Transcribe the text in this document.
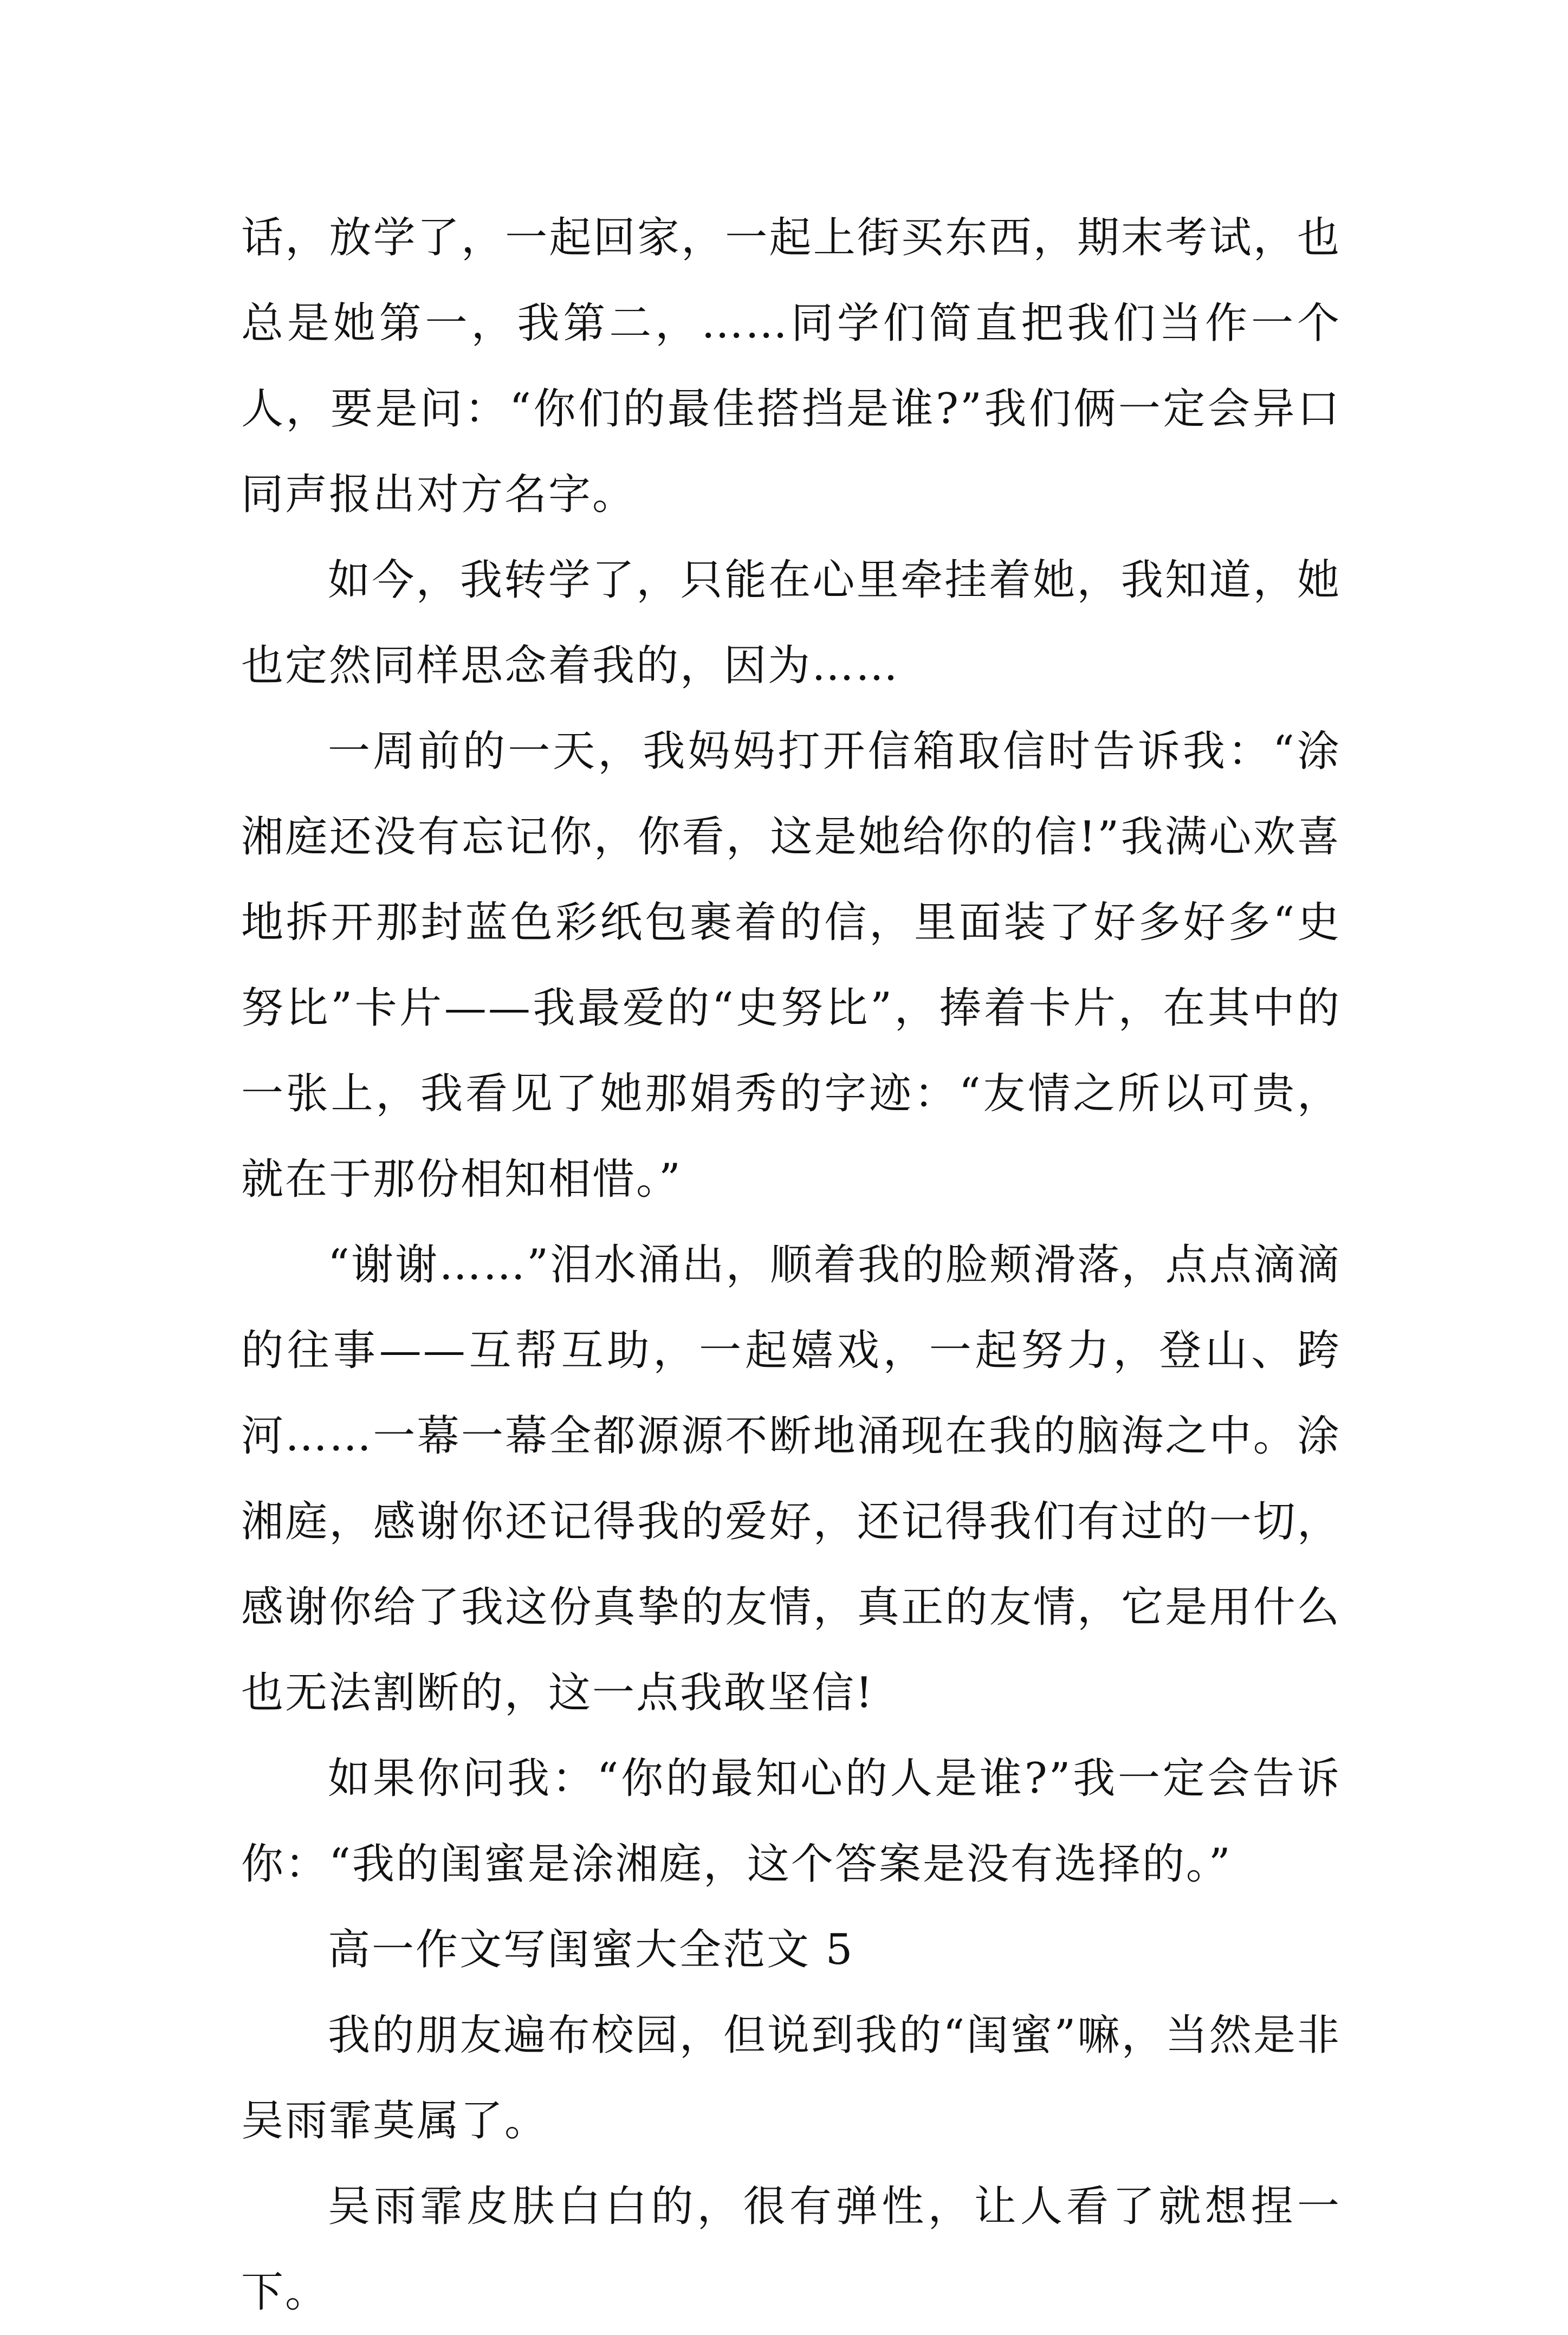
话，放学了，一起回家，一起上街买东西，期末考试，也总是她第一，我第二，……同学们简直把我们当作一个人，要是问：“你们的最佳搭挡是谁?”我们俩一定会异口同声报出对方名字。

如今，我转学了，只能在心里牵挂着她，我知道，她也定然同样思念着我的，因为……

一周前的一天，我妈妈打开信箱取信时告诉我：“涂湘庭还没有忘记你，你看，这是她给你的信!”我满心欢喜地拆开那封蓝色彩纸包裹着的信，里面装了好多好多“史努比”卡片——我最爱的“史努比”，捧着卡片，在其中的一张上，我看见了她那娟秀的字迹：“友情之所以可贵，就在于那份相知相惜。”

“谢谢……”泪水涌出，顺着我的脸颊滑落，点点滴滴的往事——互帮互助，一起嬉戏，一起努力，登山、跨河……一幕一幕全都源源不断地涌现在我的脑海之中。涂湘庭，感谢你还记得我的爱好，还记得我们有过的一切，感谢你给了我这份真挚的友情，真正的友情，它是用什么也无法割断的，这一点我敢坚信!

如果你问我：“你的最知心的人是谁?”我一定会告诉你：“我的闺蜜是涂湘庭，这个答案是没有选择的。”

高一作文写闺蜜大全范文 5

我的朋友遍布校园，但说到我的“闺蜜”嘛，当然是非吴雨霏莫属了。

吴雨霏皮肤白白的，很有弹性，让人看了就想捏一下。
